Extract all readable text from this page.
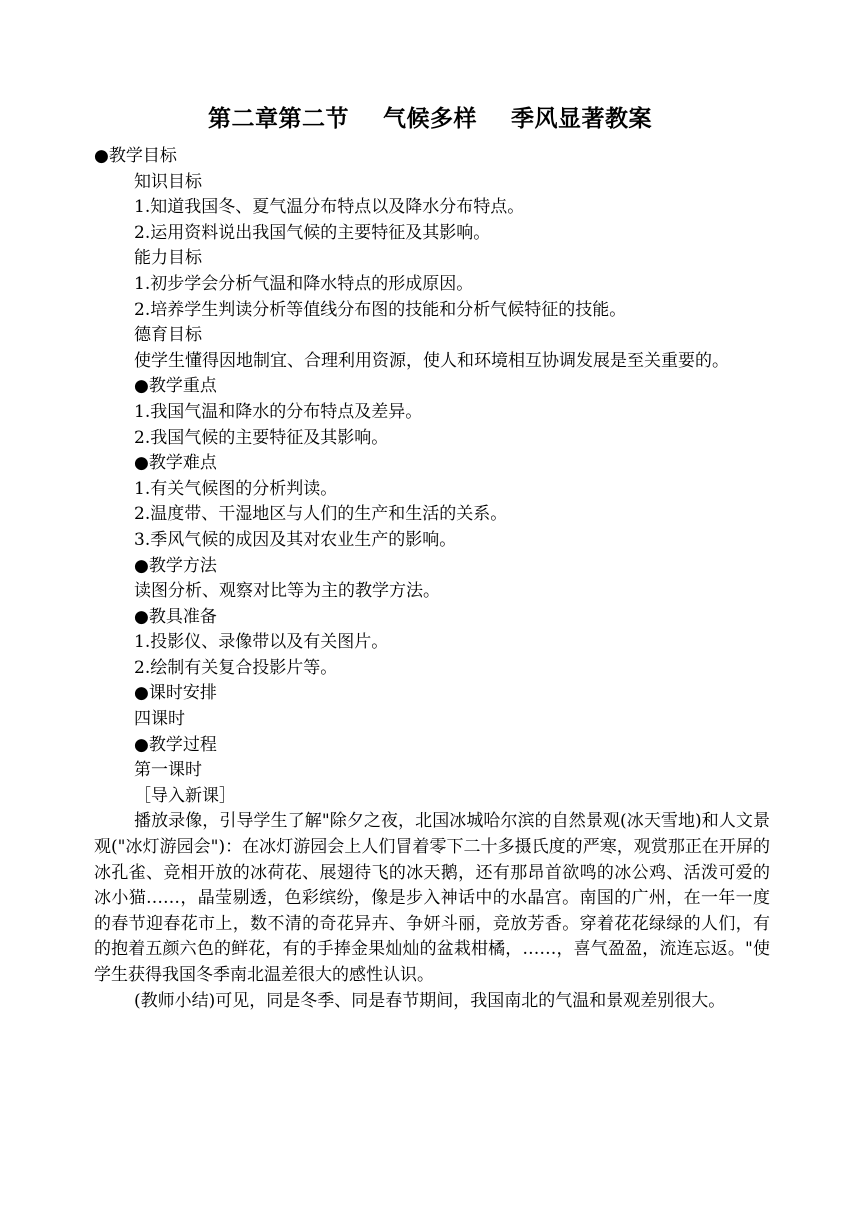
第二章第二节    气候多样    季风显著教案
●教学目标
知识目标
1.知道我国冬、夏气温分布特点以及降水分布特点。
2.运用资料说出我国气候的主要特征及其影响。
能力目标
1.初步学会分析气温和降水特点的形成原因。
2.培养学生判读分析等值线分布图的技能和分析气候特征的技能。
德育目标
使学生懂得因地制宜、合理利用资源，使人和环境相互协调发展是至关重要的。
●教学重点
1.我国气温和降水的分布特点及差异。
2.我国气候的主要特征及其影响。
●教学难点
1.有关气候图的分析判读。
2.温度带、干湿地区与人们的生产和生活的关系。
3.季风气候的成因及其对农业生产的影响。
●教学方法
读图分析、观察对比等为主的教学方法。
●教具准备
1.投影仪、录像带以及有关图片。
2.绘制有关复合投影片等。
●课时安排
四课时
●教学过程
第一课时
［导入新课］
播放录像，引导学生了解"除夕之夜，北国冰城哈尔滨的自然景观(冰天雪地)和人文景观("冰灯游园会")：在冰灯游园会上人们冒着零下二十多摄氏度的严寒，观赏那正在开屏的冰孔雀、竞相开放的冰荷花、展翅待飞的冰天鹅，还有那昂首欲鸣的冰公鸡、活泼可爱的冰小猫……，晶莹剔透，色彩缤纷，像是步入神话中的水晶宫。南国的广州，在一年一度的春节迎春花市上，数不清的奇花异卉、争妍斗丽，竞放芳香。穿着花花绿绿的人们，有的抱着五颜六色的鲜花，有的手捧金果灿灿的盆栽柑橘，……，喜气盈盈，流连忘返。"使学生获得我国冬季南北温差很大的感性认识。
(教师小结)可见，同是冬季、同是春节期间，我国南北的气温和景观差别很大。
